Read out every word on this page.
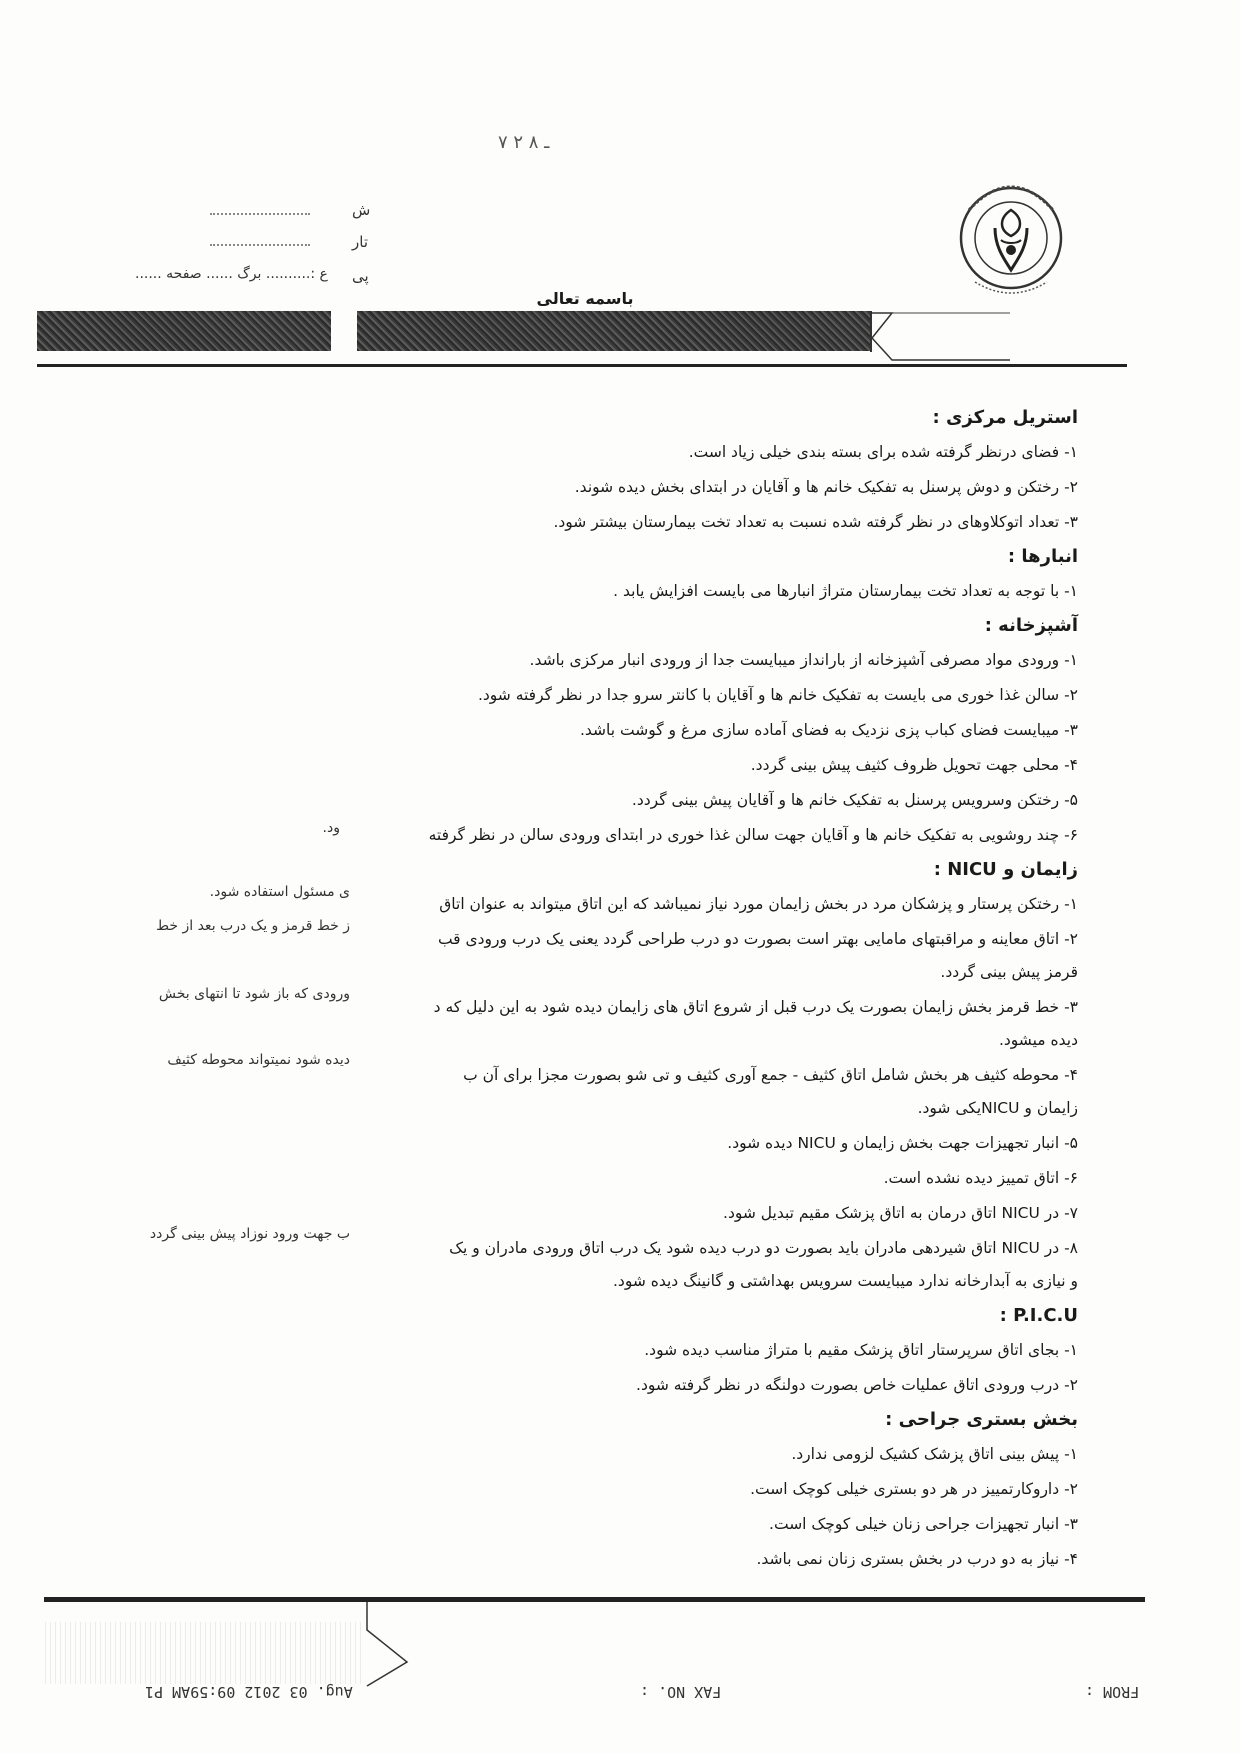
۷ ۲ ـ ۸
ش
تار
پی
ع :.......... برگ ...... صفحه ......
باسمه تعالی
استریل مرکزی :
۱- فضای درنظر گرفته شده برای بسته بندی خیلی زیاد است.
۲- رختکن و دوش پرسنل به تفکیک خانم ها و آقایان در ابتدای بخش دیده شوند.
۳- تعداد اتوکلاوهای در نظر گرفته شده نسبت به تعداد تخت بیمارستان بیشتر شود.
انبارها :
۱- با توجه به تعداد تخت بیمارستان متراژ انبارها می بایست افزایش یابد .
آشپزخانه :
۱- ورودی مواد مصرفی آشپزخانه از بارانداز میبایست جدا از ورودی انبار مرکزی باشد.
۲- سالن غذا خوری می بایست به تفکیک خانم ها و آقایان با کانتر سرو جدا در نظر گرفته شود.
۳- میبایست فضای کباب پزی نزدیک به فضای آماده سازی مرغ و گوشت باشد.
۴- محلی جهت تحویل ظروف کثیف پیش بینی گردد.
۵- رختکن وسرویس پرسنل به تفکیک خانم ها و آقایان پیش بینی گردد.
۶- چند روشویی به تفکیک خانم ها و آقایان جهت سالن غذا خوری در ابتدای ورودی سالن در نظر گرفته
زایمان و NICU :
۱- رختکن پرستار و پزشکان مرد در بخش زایمان مورد نیاز نمیباشد که این اتاق میتواند به عنوان اتاق
۲- اتاق معاینه و مراقبتهای مامایی بهتر است بصورت دو درب طراحی گردد یعنی یک درب ورودی قب
قرمز پیش بینی گردد.
۳- خط قرمز بخش زایمان بصورت یک درب قبل از شروع اتاق های زایمان دیده شود به این دلیل که د
دیده میشود.
۴- محوطه کثیف هر بخش شامل اتاق کثیف - جمع آوری کثیف و تی شو بصورت مجزا برای آن ب
زایمان و NICUیکی شود.
۵- انبار تجهیزات جهت بخش زایمان و NICU دیده شود.
۶- اتاق تمییز دیده نشده است.
۷- در NICU اتاق درمان به اتاق پزشک مقیم تبدیل شود.
۸- در NICU اتاق شیردهی مادران باید بصورت دو درب دیده شود یک درب اتاق ورودی مادران و یک
و نیازی به آبدارخانه ندارد میبایست سرویس بهداشتی و گانینگ دیده شود.
P.I.C.U :
۱- بجای اتاق سرپرستار اتاق پزشک مقیم با متراژ مناسب دیده شود.
۲- درب ورودی اتاق عملیات خاص بصورت دولنگه در نظر گرفته شود.
بخش بستری جراحی :
۱- پیش بینی اتاق پزشک کشیک لزومی ندارد.
۲- داروکارتمییز در هر دو بستری خیلی کوچک است.
۳- انبار تجهیزات جراحی زنان خیلی کوچک است.
۴- نیاز به دو درب در بخش بستری زنان نمی باشد.
ود.
ی مسئول استفاده شود.
ز خط قرمز و یک درب بعد از خط
ورودی که باز شود تا انتهای بخش
دیده شود نمیتواند محوطه کثیف
ب جهت ورود نوزاد پیش بینی گردد
FROM :
FAX NO. :
Aug. 03 2012 09:59AM P1
